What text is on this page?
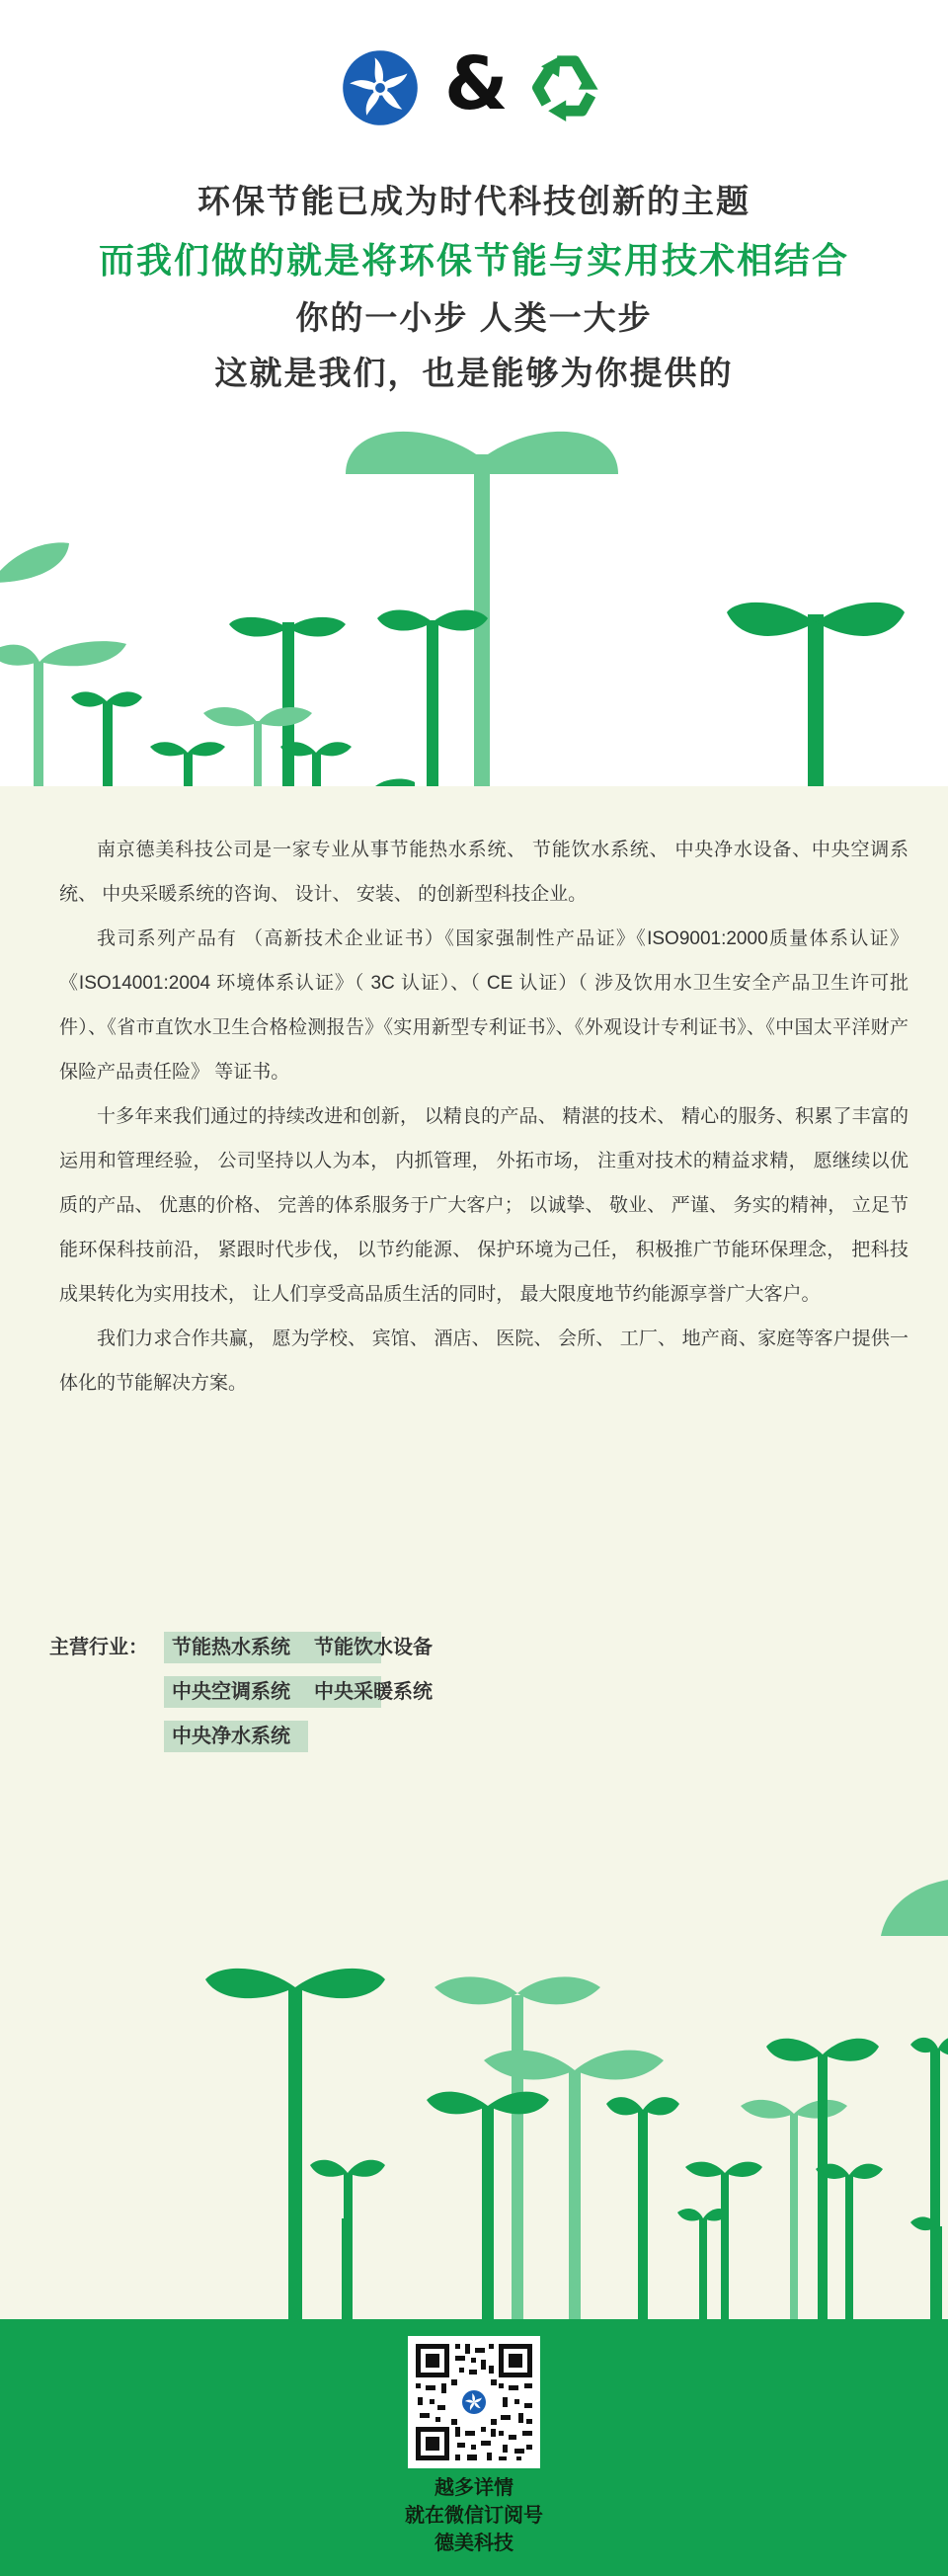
&
环保节能已成为时代科技创新的主题
而我们做的就是将环保节能与实用技术相结合
你的一小步 人类一大步
这就是我们，也是能够为你提供的

南京德美科技公司是一家专业从事节能热水系统、 节能饮水系统、 中央净水设备、中央空调系统、 中央采暖系统的咨询、 设计、 安装、 的创新型科技企业。

我司系列产品有 （高新技术企业证书）《国家强制性产品证》《ISO9001:2000质量体系认证》《ISO14001:2004 环境体系认证》（ 3C 认证）、（ CE 认证）（ 涉及饮用水卫生安全产品卫生许可批件）、《省市直饮水卫生合格检测报告》《实用新型专利证书》、《外观设计专利证书》、《中国太平洋财产保险产品责任险》 等证书。

十多年来我们通过的持续改进和创新， 以精良的产品、 精湛的技术、 精心的服务、积累了丰富的运用和管理经验， 公司坚持以人为本， 内抓管理， 外拓市场， 注重对技术的精益求精， 愿继续以优质的产品、 优惠的价格、 完善的体系服务于广大客户； 以诚挚、 敬业、 严谨、 务实的精神， 立足节能环保科技前沿， 紧跟时代步伐， 以节约能源、 保护环境为己任， 积极推广节能环保理念， 把科技成果转化为实用技术， 让人们享受高品质生活的同时， 最大限度地节约能源享誉广大客户。

我们力求合作共赢， 愿为学校、 宾馆、 酒店、 医院、 会所、 工厂、 地产商、家庭等客户提供一体化的节能解决方案。

主营行业：	节能热水系统 节能饮水设备
中央空调系统 中央采暖系统
中央净水系统
越多详情
就在微信订阅号
德美科技
